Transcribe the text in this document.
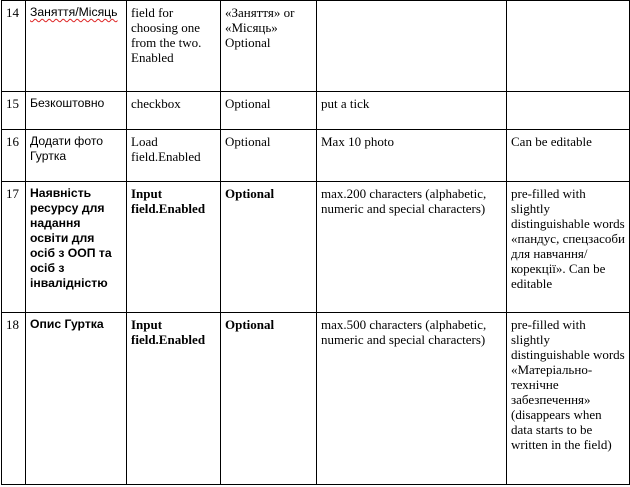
14	Заняття/Місяць	field for choosing one from the two. Enabled	«Заняття» or «Місяць» Optional		
15	Безкоштовно	checkbox	Optional	put a tick	
16	Додати фото Гуртка	Load field.Enabled	Optional	Max 10 photo	Can be editable
17	Наявність ресурсу для надання освіти для осіб з ООП та осіб з інвалідністю	Input field.Enabled	Optional	max.200 characters (alphabetic, numeric and special characters)	pre-filled with slightly distinguishable words «пандус, спецзасоби для навчання/корекції». Can be editable
18	Опис Гуртка	Input field.Enabled	Optional	max.500 characters (alphabetic, numeric and special characters)	pre-filled with slightly distinguishable words «Матеріально-технічне забезпечення» (disappears when data starts to be written in the field)
